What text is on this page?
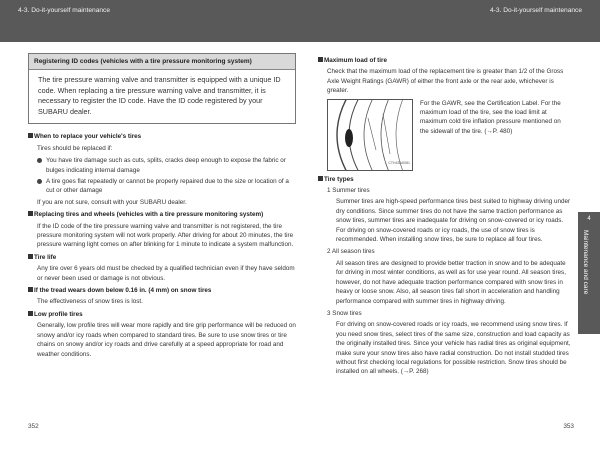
4-3. Do-it-yourself maintenance	4-3. Do-it-yourself maintenance
Registering ID codes (vehicles with a tire pressure monitoring system)
The tire pressure warning valve and transmitter is equipped with a unique ID code. When replacing a tire pressure warning valve and transmitter, it is necessary to register the ID code. Have the ID code registered by your SUBARU dealer.
When to replace your vehicle's tires
Tires should be replaced if:
You have tire damage such as cuts, splits, cracks deep enough to expose the fabric or bulges indicating internal damage
A tire goes flat repeatedly or cannot be properly repaired due to the size or location of a cut or other damage
If you are not sure, consult with your SUBARU dealer.
Replacing tires and wheels (vehicles with a tire pressure monitoring system)
If the ID code of the tire pressure warning valve and transmitter is not registered, the tire pressure monitoring system will not work properly. After driving for about 20 minutes, the tire pressure warning light comes on after blinking for 1 minute to indicate a system malfunction.
Tire life
Any tire over 6 years old must be checked by a qualified technician even if they have seldom or never been used or damage is not obvious.
If the tread wears down below 0.16 in. (4 mm) on snow tires
The effectiveness of snow tires is lost.
Low profile tires
Generally, low profile tires will wear more rapidly and tire grip performance will be reduced on snowy and/or icy roads when compared to standard tires. Be sure to use snow tires or tire chains on snowy and/or icy roads and drive carefully at a speed appropriate for road and weather conditions.
Maximum load of tire
Check that the maximum load of the replacement tire is greater than 1/2 of the Gross Axle Weight Ratings (GAWR) of either the front axle or the rear axle, whichever is greater.
CTH43AS081
For the GAWR, see the Certification Label. For the maximum load of the tire, see the load limit at maximum cold tire inflation pressure mentioned on the sidewall of the tire. (→P. 480)
Tire types
1 Summer tires
Summer tires are high-speed performance tires best suited to highway driving under dry conditions. Since summer tires do not have the same traction performance as snow tires, summer tires are inadequate for driving on snow-covered or icy roads. For driving on snow-covered roads or icy roads, the use of snow tires is recommended. When installing snow tires, be sure to replace all four tires.
2 All season tires
All season tires are designed to provide better traction in snow and to be adequate for driving in most winter conditions, as well as for use year round. All season tires, however, do not have adequate traction performance compared with snow tires in heavy or loose snow. Also, all season tires fall short in acceleration and handling performance compared with summer tires in highway driving.
3 Snow tires
For driving on snow-covered roads or icy roads, we recommend using snow tires. If you need snow tires, select tires of the same size, construction and load capacity as the originally installed tires. Since your vehicle has radial tires as original equipment, make sure your snow tires also have radial construction. Do not install studded tires without first checking local regulations for possible restriction. Snow tires should be installed on all wheels. (→P. 268)
4
Maintenance and care
352	353
